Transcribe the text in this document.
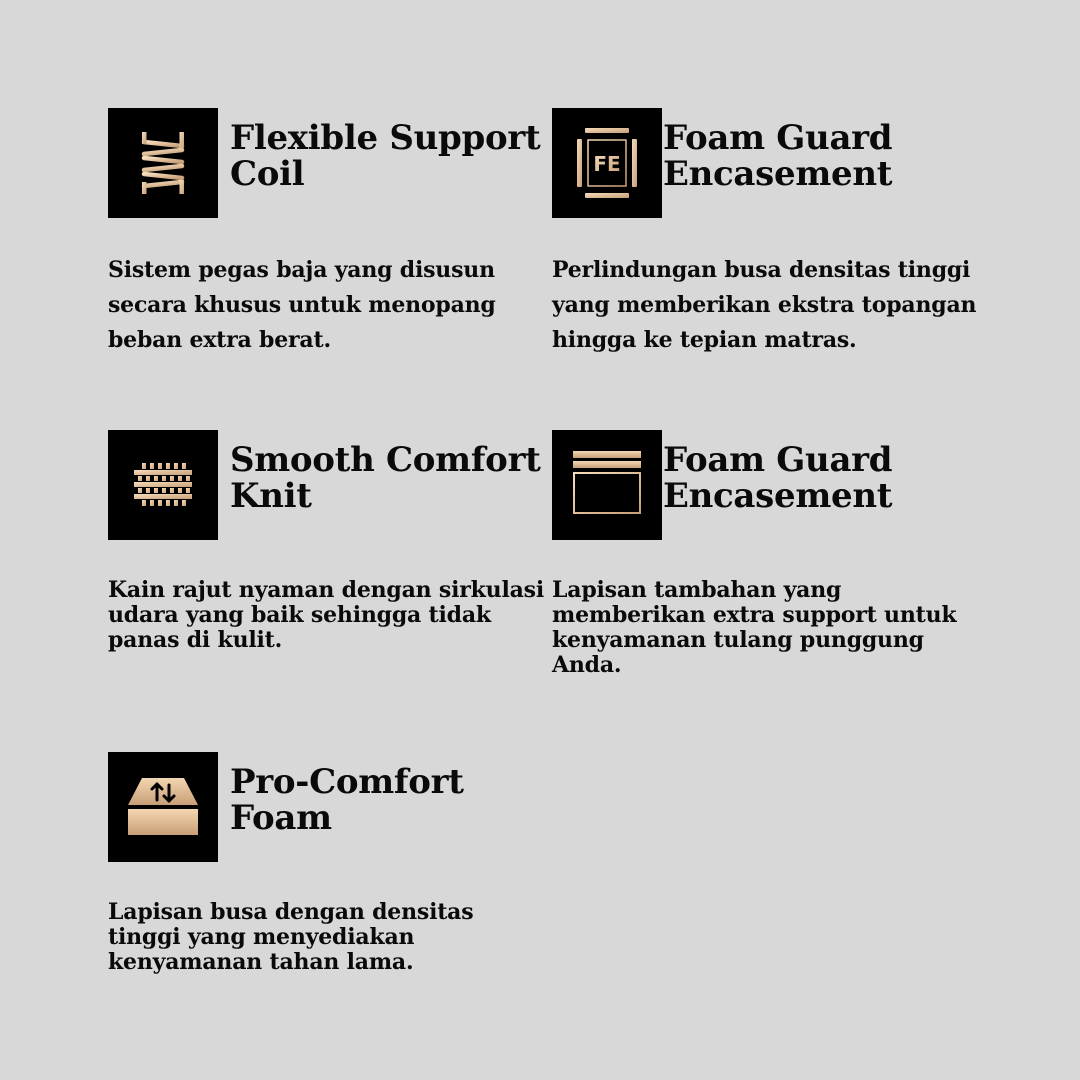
Flexible Support Coil

Sistem pegas baja yang disusun secara khusus untuk menopang beban extra berat.

FE
Foam Guard Encasement

Perlindungan busa densitas tinggi yang memberikan ekstra topangan hingga ke tepian matras.

Smooth Comfort Knit

Kain rajut nyaman dengan sirkulasi udara yang baik sehingga tidak panas di kulit.

Foam Guard Encasement

Lapisan tambahan yang memberikan extra support untuk kenyamanan tulang punggung Anda.

Pro-Comfort Foam

Lapisan busa dengan densitas tinggi yang menyediakan kenyamanan tahan lama.
